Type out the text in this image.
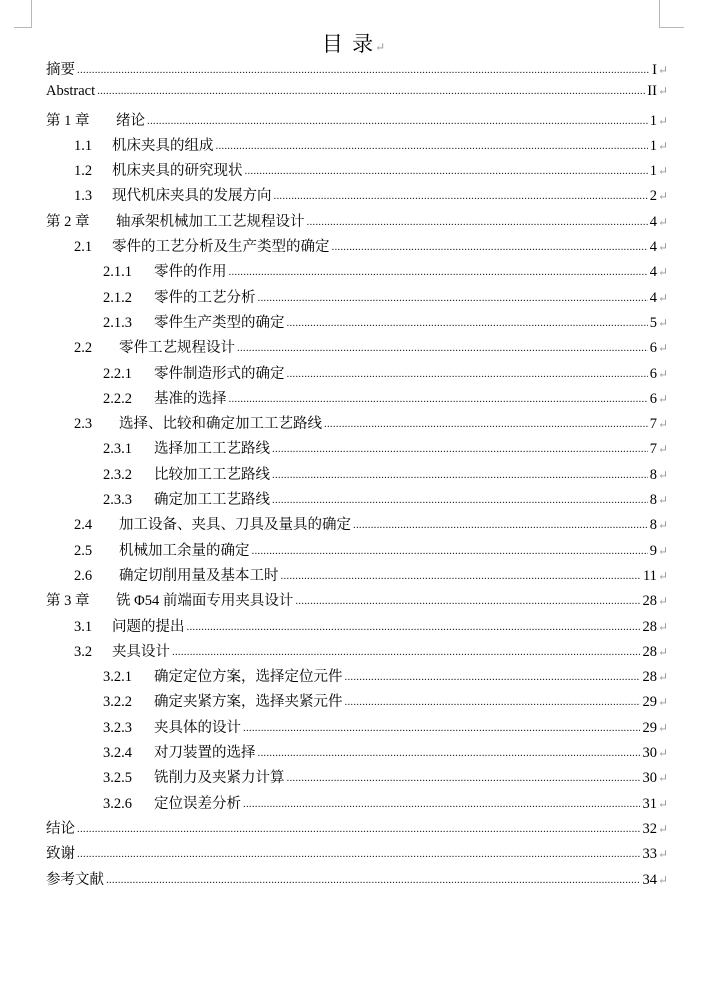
目 录↵
摘要 .....	I ↵
Abstract .....	II ↵
第 1 章	绪论 .....	1 ↵
1.1	机床夹具的组成 .....	1 ↵
1.2	机床夹具的研究现状 .....	1 ↵
1.3	现代机床夹具的发展方向 .....	2 ↵
第 2 章	轴承架机械加工工艺规程设计 .....	4 ↵
2.1	零件的工艺分析及生产类型的确定 .....	4 ↵
2.1.1	零件的作用 .....	4 ↵
2.1.2	零件的工艺分析 .....	4 ↵
2.1.3	零件生产类型的确定 .....	5 ↵
2.2	零件工艺规程设计 .....	6 ↵
2.2.1	零件制造形式的确定 .....	6 ↵
2.2.2	基准的选择 .....	6 ↵
2.3	选择、比较和确定加工工艺路线 .....	7 ↵
2.3.1	选择加工工艺路线 .....	7 ↵
2.3.2	比较加工工艺路线 .....	8 ↵
2.3.3	确定加工工艺路线 .....	8 ↵
2.4	加工设备、夹具、刀具及量具的确定 .....	8 ↵
2.5	机械加工余量的确定 .....	9 ↵
2.6	确定切削用量及基本工时 .....	11 ↵
第 3 章	铣 Φ54 前端面专用夹具设计 .....	28 ↵
3.1	问题的提出 .....	28 ↵
3.2	夹具设计 .....	28 ↵
3.2.1	确定定位方案，选择定位元件 .....	28 ↵
3.2.2	确定夹紧方案，选择夹紧元件 .....	29 ↵
3.2.3	夹具体的设计 .....	29 ↵
3.2.4	对刀装置的选择 .....	30 ↵
3.2.5	铣削力及夹紧力计算 .....	30 ↵
3.2.6	定位误差分析 .....	31 ↵
结论 .....	32 ↵
致谢 .....	33 ↵
参考文献 .....	34 ↵
